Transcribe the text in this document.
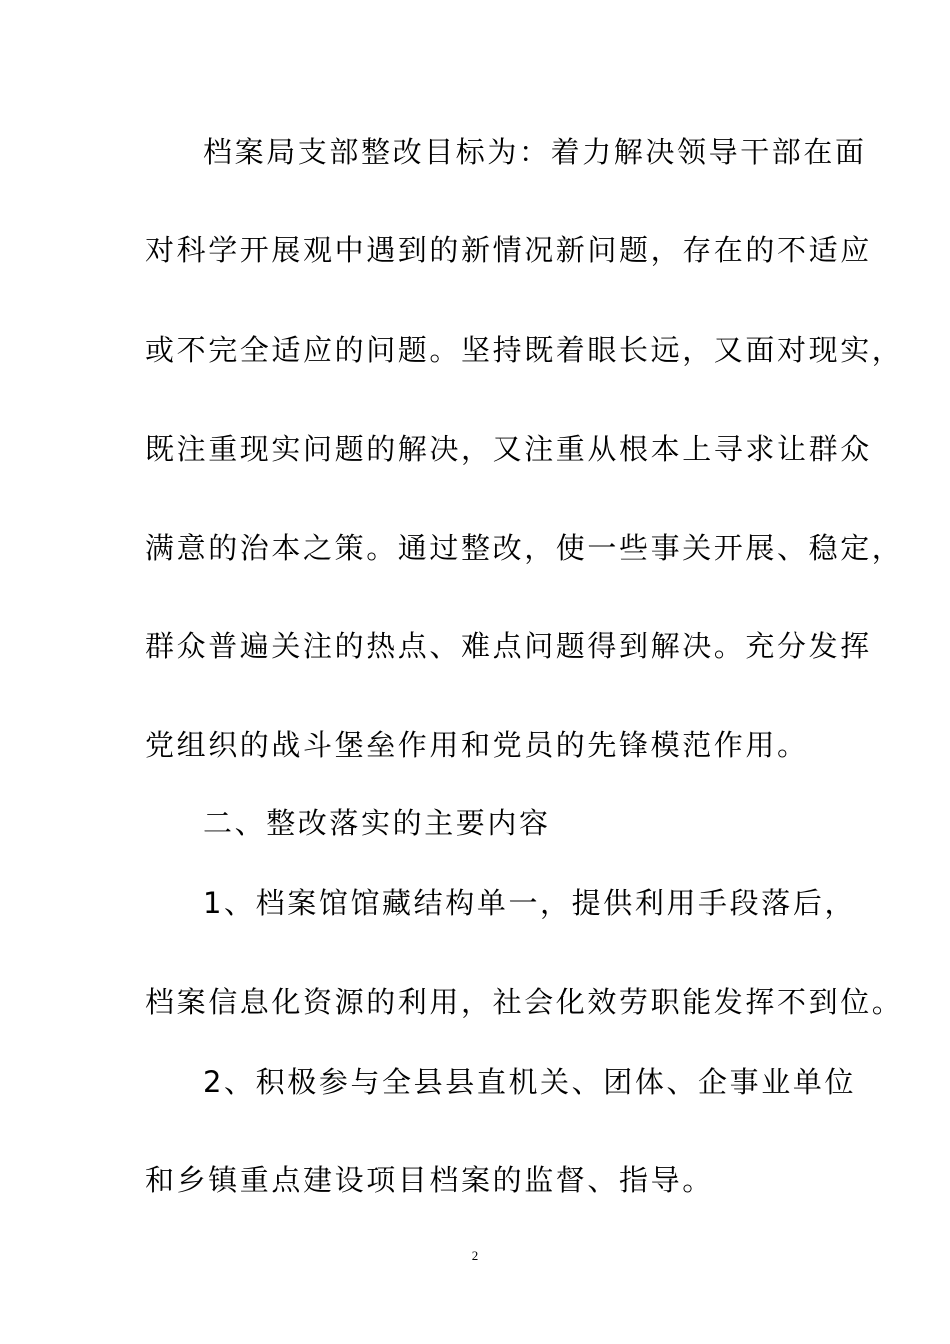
档案局支部整改目标为：着力解决领导干部在面
对科学开展观中遇到的新情况新问题，存在的不适应
或不完全适应的问题。坚持既着眼长远，又面对现实，
既注重现实问题的解决，又注重从根本上寻求让群众
满意的治本之策。通过整改，使一些事关开展、稳定，
群众普遍关注的热点、难点问题得到解决。充分发挥
党组织的战斗堡垒作用和党员的先锋模范作用。
二、整改落实的主要内容
1、档案馆馆藏结构单一，提供利用手段落后，
档案信息化资源的利用，社会化效劳职能发挥不到位。
2、积极参与全县县直机关、团体、企事业单位
和乡镇重点建设项目档案的监督、指导。
2
